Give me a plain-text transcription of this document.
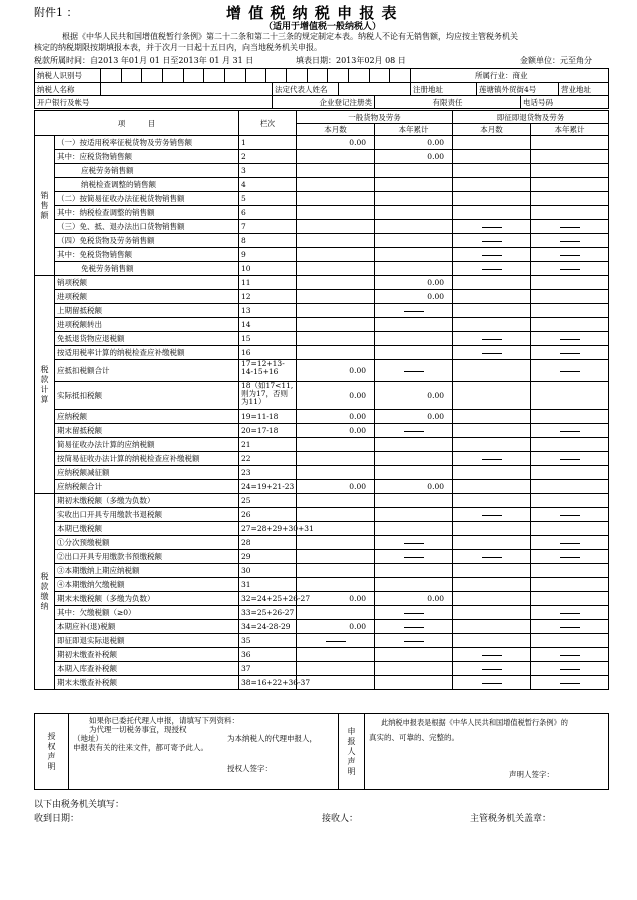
附件1 ：	增 值 税 纳 税 申 报 表
（适用于增值税一般纳税人）
根据《中华人民共和国增值税暂行条例》第二十二条和第二十三条的规定制定本表。纳税人不论有无销售额，均应按主管税务机关
核定的纳税期限按期填报本表，并于次月一日起十五日内，向当地税务机关申报。
税款所属时间：自2013 年01月 01 日至2013年 01 月 31 日	填表日期：2013年02月 08 日	金额单位：元至角分
纳税人识别号					所属行业：商业			
纳税人名称		法定代表人姓名			注册地址	莲塘镇外贸街4号		营业地址
开户银行及帐号		企业登记注册类		有限责任			电话号码	
项　　　目		栏次	一般货物及劳务		即征即退货物及劳务	
			本月数	本年累计	本月数	本年累计

销售额	（一）按适用税率征税货物及劳务销售额	1	0.00	0.00		
	其中：应税货物销售额	2		0.00		
	应税劳务销售额	3				
	纳税检查调整的销售额	4				
	（二）按简易征收办法征税货物销售额	5				
	其中：纳税检查调整的销售额	6				
	（三）免、抵、退办法出口货物销售额	7				
	（四）免税货物及劳务销售额	8				
	其中：免税货物销售额	9				
	免税劳务销售额	10				

税款计算	销项税额	11		0.00		
	进项税额	12		0.00		
	上期留抵税额	13				
	进项税额转出	14				
	免抵退货物应退税额	15				
	按适用税率计算的纳税检查应补缴税额	16				
	应抵扣税额合计	17=12+13-14-15+16	0.00			
	实际抵扣税额	18（如17<11,则为17，否则为11）	0.00	0.00		
	应纳税额	19=11-18	0.00	0.00		
	期末留抵税额	20=17-18	0.00			
	简易征收办法计算的应纳税额	21				
	按简易征收办法计算的纳税检查应补缴税额	22				
	应纳税额减征额	23				
	应纳税额合计	24=19+21-23	0.00	0.00		

税款缴纳	期初未缴税额（多缴为负数）	25				
	实收出口开具专用缴款书退税额	26				
	本期已缴税额	27=28+29+30+31				
	①分次预缴税额	28				
	②出口开具专用缴款书预缴税额	29				
	③本期缴纳上期应纳税额	30				
	④本期缴纳欠缴税额	31				
	期末未缴税额（多缴为负数）	32=24+25+26-27	0.00	0.00		
	其中：欠缴税额（≥0）	33=25+26-27				
	本期应补(退)税额	34=24-28-29	0.00			
	即征即退实际退税额	35				
	期初未缴查补税额	36				
	本期入库查补税额	37				
	期末未缴查补税额	38=16+22+36-37				
授权声明

如果你已委托代理人申报，请填写下列资料：
为代理一切税务事宜，现授权
（地址）	为本纳税人的代理申报人，
申报表有关的往来文件，都可寄予此人。
授权人签字：	申报人声明

此纳税申报表是根据《中华人民共和国增值税暂行条例》的
真实的、可靠的、完整的。
声明人签字：
以下由税务机关填写：
收到日期：	接收人：	主管税务机关盖章：
